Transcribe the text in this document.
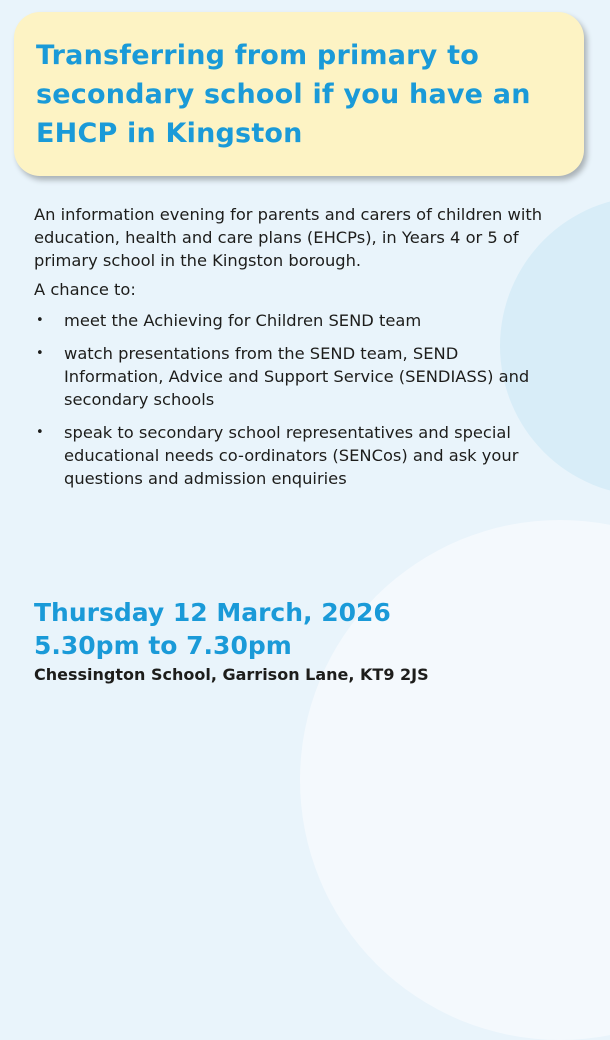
Transferring from primary to secondary school if you have an EHCP in Kingston

An information evening for parents and carers of children with education, health and care plans (EHCPs), in Years 4 or 5 of primary school in the Kingston borough.

A chance to:

• meet the Achieving for Children SEND team
• watch presentations from the SEND team, SEND Information, Advice and Support Service (SENDIASS) and secondary schools
• speak to secondary school representatives and special educational needs co-ordinators (SENCos) and ask your questions and admission enquiries
Thursday 12 March, 2026
5.30pm to 7.30pm

Chessington School, Garrison Lane, KT9 2JS
